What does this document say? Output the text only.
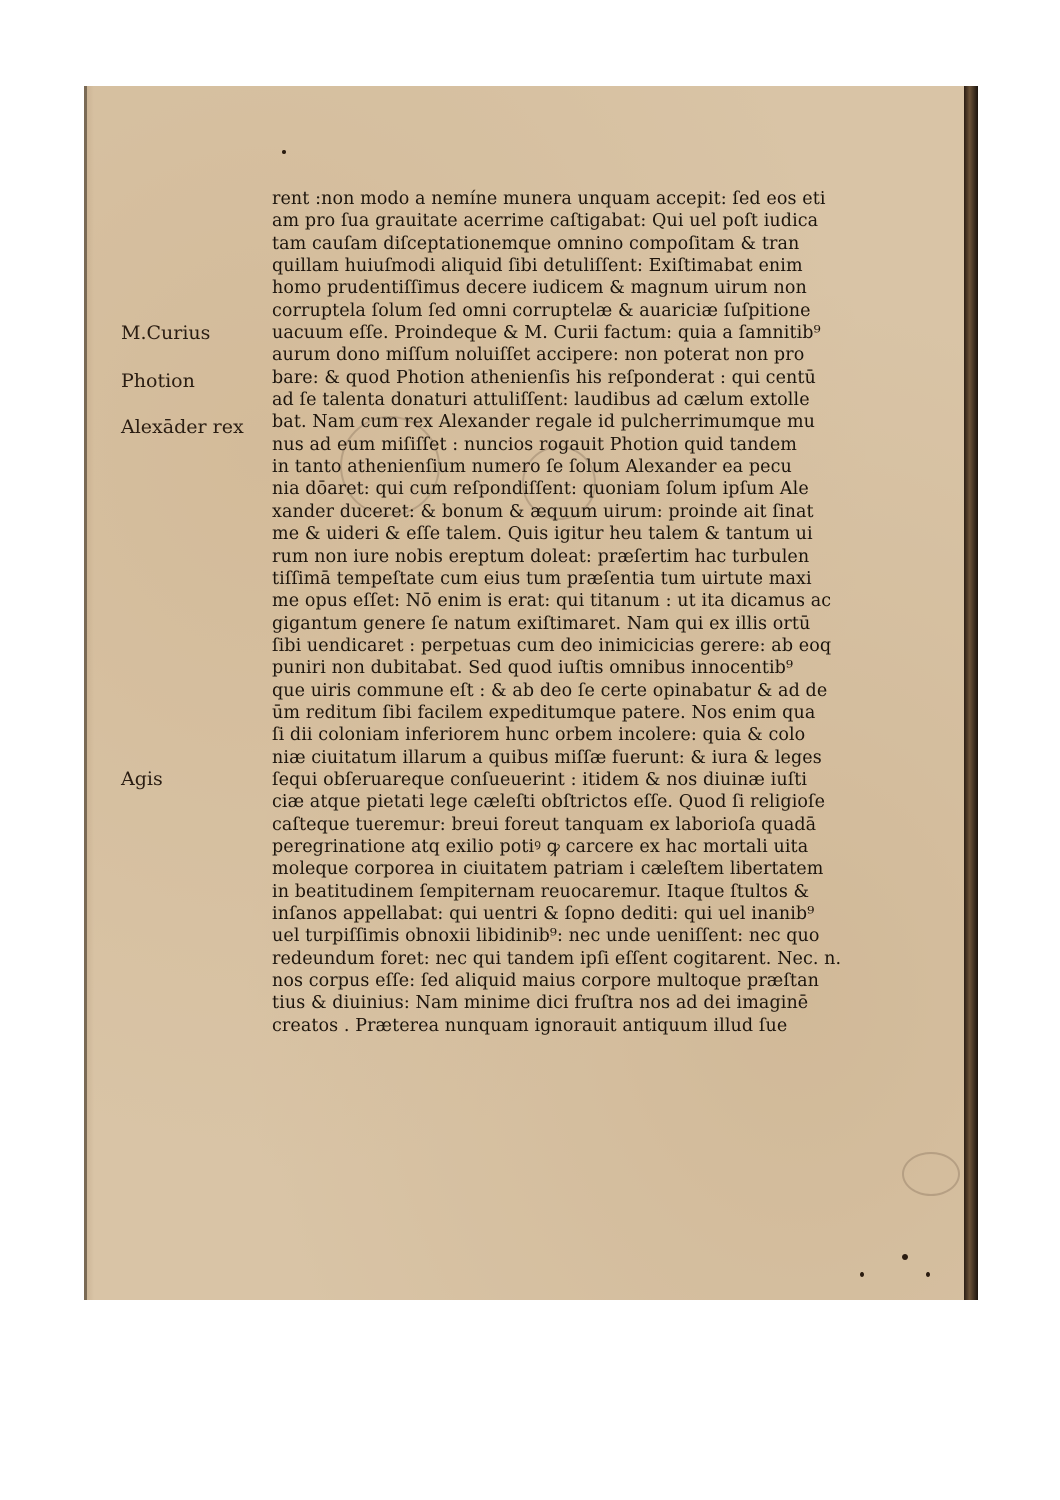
M.Curius
Photion
Alexāder rex
Agis
rent :non modo a nemíne munera unquam accepit: ſed eos eti
am pro ſua grauitate acerrime caſtigabat: Qui uel poſt iudica
tam cauſam diſceptationemque omnino compoſitam & tran
quillam huiuſmodi aliquid ſibi detuliſſent: Exiſtimabat enim
homo prudentiſſimus decere iudicem & magnum uirum non
corruptela ſolum ſed omni corruptelæ & auariciæ ſuſpitione
uacuum eſſe. Proindeque & M. Curii factum: quia a ſamnitib⁹
aurum dono miſſum noluiſſet accipere: non poterat non pro
bare: & quod Photion athenienſis his reſponderat : qui centū
ad ſe talenta donaturi attuliſſent: laudibus ad cælum extolle
bat. Nam cum rex Alexander regale id pulcherrimumque mu
nus ad eum miſiſſet : nuncios rogauit Photion quid tandem
in tanto athenienſium numero ſe ſolum Alexander ea pecu
nia dōaret: qui cum reſpondiſſent: quoniam ſolum ipſum Ale
xander duceret: & bonum & æquum uirum: proinde ait ſinat
me & uideri & eſſe talem. Quis igitur heu talem & tantum ui
rum non iure nobis ereptum doleat: præſertim hac turbulen
tiſſimā tempeſtate cum eius tum præſentia tum uirtute maxi
me opus eſſet: Nō enim is erat: qui titanum : ut ita dicamus ac
gigantum genere ſe natum exiſtimaret. Nam qui ex illis ortū
ſibi uendicaret : perpetuas cum deo inimicicias gerere: ab eoq
puniri non dubitabat. Sed quod iuſtis omnibus innocentib⁹
que uiris commune eſt : & ab deo ſe certe opinabatur & ad de
ūm reditum ſibi facilem expeditumque patere. Nos enim qua
ſi dii coloniam inferiorem hunc orbem incolere: quia & colo
niæ ciuitatum illarum a quibus miſſæ fuerunt: & iura & leges
ſequi obſeruareque conſueuerint : itidem & nos diuinæ iuſti
ciæ atque pietati lege cæleſti obſtrictos eſſe. Quod ſi religioſe
caſteque tueremur: breui foreut tanquam ex laborioſa quadā
peregrinatione atq exilio potiꝰ ꝙ carcere ex hac mortali uita
moleque corporea in ciuitatem patriam i cæleſtem libertatem
in beatitudinem ſempiternam reuocaremur. Itaque ſtultos &
inſanos appellabat: qui uentri & ſopno dediti: qui uel inanib⁹
uel turpiſſimis obnoxii libidinib⁹: nec unde ueniſſent: nec quo
redeundum foret: nec qui tandem ipſi eſſent cogitarent. Nec. n.
nos corpus eſſe: ſed aliquid maius corpore multoque præſtan
tius & diuinius: Nam minime dici fruſtra nos ad dei imaginē
creatos . Præterea nunquam ignorauit antiquum illud ſue
